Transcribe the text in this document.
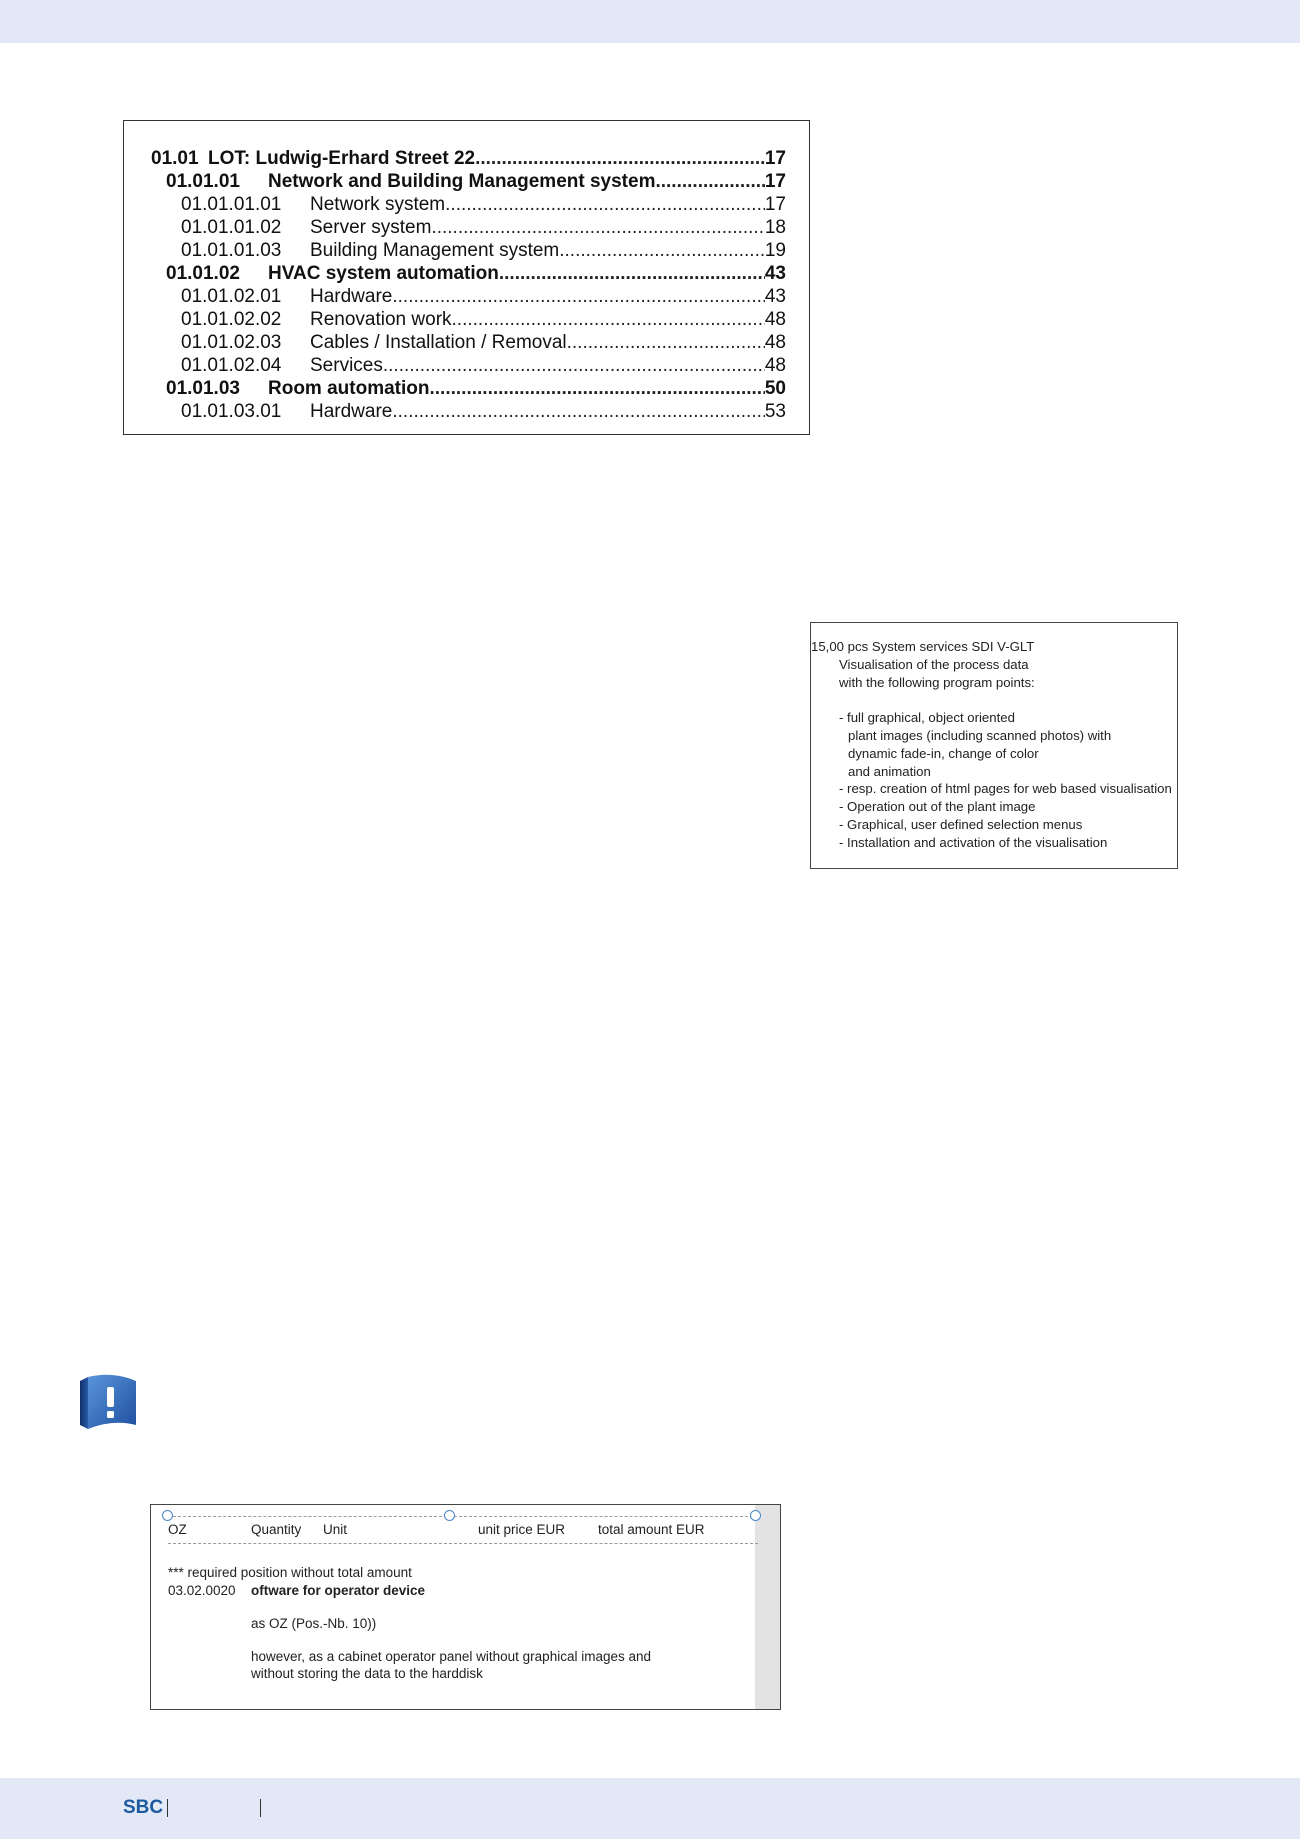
01.01 LOT: Ludwig-Erhard Street 22 .....	17
01.01.01 Network and Building Management system .....	17
01.01.01.01 Network system .....	17
01.01.01.02 Server system .....	18
01.01.01.03 Building Management system .....	19
01.01.02 HVAC system automation .....	43
01.01.02.01 Hardware .....	43
01.01.02.02 Renovation work .....	48
01.01.02.03 Cables / Installation / Removal .....	48
01.01.02.04 Services .....	48
01.01.03 Room automation .....	50
01.01.03.01 Hardware .....	53
15,00 pcs System services SDI V-GLT
Visualisation of the process data
with the following program points:
- full graphical, object oriented
plant images (including scanned photos) with
dynamic fade-in, change of color
and animation
- resp. creation of html pages for web based visualisation
- Operation out of the plant image
- Graphical, user defined selection menus
- Installation and activation of the visualisation
OZ	Quantity Unit	unit price EUR total amount EUR
*** required position without total amount
03.02.0020 oftware for operator device
as OZ (Pos.-Nb. 10))
however, as a cabinet operator panel without graphical images and
without storing the data to the harddisk
SBC
